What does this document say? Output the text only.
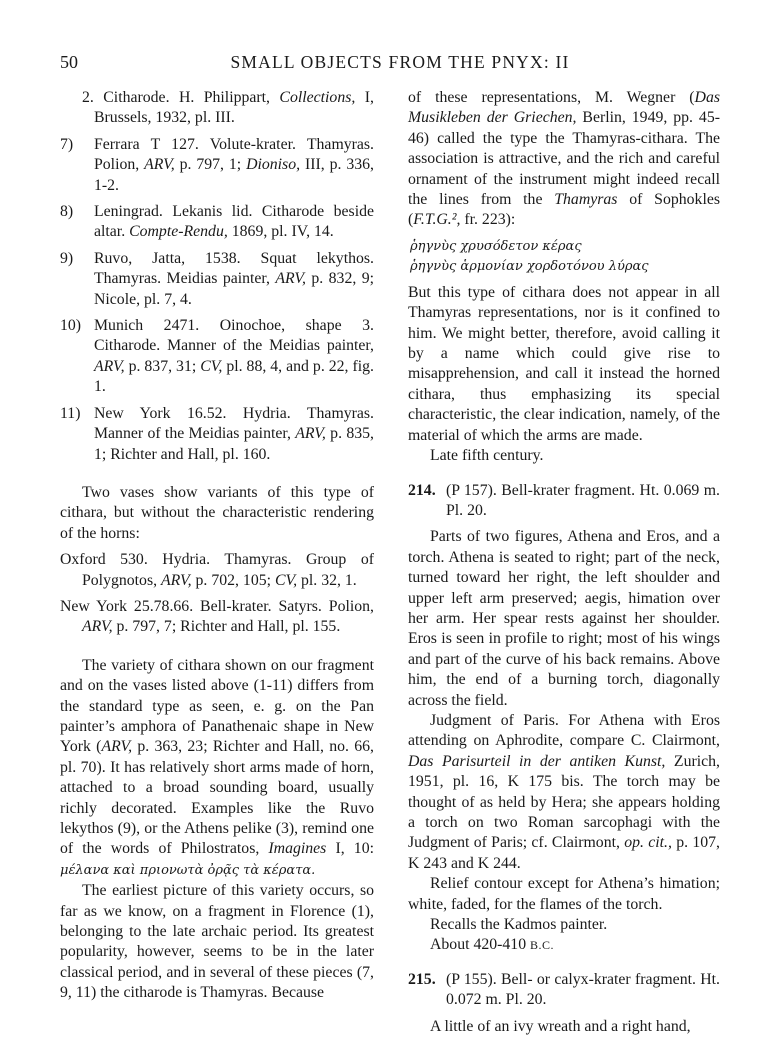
50	SMALL OBJECTS FROM THE PNYX: II

2. Citharode. H. Philippart, Collections, I, Brussels, 1932, pl. III.

7) Ferrara T 127. Volute-krater. Thamyras. Polion, ARV, p. 797, 1; Dioniso, III, p. 336, 1-2.

8) Leningrad. Lekanis lid. Citharode beside altar. Compte-Rendu, 1869, pl. IV, 14.

9) Ruvo, Jatta, 1538. Squat lekythos. Thamyras. Meidias painter, ARV, p. 832, 9; Nicole, pl. 7, 4.

10) Munich 2471. Oinochoe, shape 3. Citharode. Manner of the Meidias painter, ARV, p. 837, 31; CV, pl. 88, 4, and p. 22, fig. 1.

11) New York 16.52. Hydria. Thamyras. Manner of the Meidias painter, ARV, p. 835, 1; Richter and Hall, pl. 160.

Two vases show variants of this type of cithara, but without the characteristic rendering of the horns:

Oxford 530. Hydria. Thamyras. Group of Polygnotos, ARV, p. 702, 105; CV, pl. 32, 1.

New York 25.78.66. Bell-krater. Satyrs. Polion, ARV, p. 797, 7; Richter and Hall, pl. 155.

The variety of cithara shown on our fragment and on the vases listed above (1-11) differs from the standard type as seen, e. g. on the Pan painter’s amphora of Panathenaic shape in New York (ARV, p. 363, 23; Richter and Hall, no. 66, pl. 70). It has relatively short arms made of horn, attached to a broad sounding board, usually richly decorated. Examples like the Ruvo lekythos (9), or the Athens pelike (3), remind one of the words of Philostratos, Imagines I, 10: μέλανα καὶ πριονωτὰ ὀρᾷς τὰ κέρατα.

The earliest picture of this variety occurs, so far as we know, on a fragment in Florence (1), belonging to the late archaic period. Its greatest popularity, however, seems to be in the later classical period, and in several of these pieces (7, 9, 11) the citharode is Thamyras. Because

of these representations, M. Wegner (Das Musikleben der Griechen, Berlin, 1949, pp. 45-46) called the type the Thamyras-cithara. The association is attractive, and the rich and careful ornament of the instrument might indeed recall the lines from the Thamyras of Sophokles (F.T.G.², fr. 223):

ῥηγνὺς χρυσόδετον κέρας

ῥηγνὺς ἁρμονίαν χορδοτόνου λύρας

But this type of cithara does not appear in all Thamyras representations, nor is it confined to him. We might better, therefore, avoid calling it by a name which could give rise to misapprehension, and call it instead the horned cithara, thus emphasizing its special characteristic, the clear indication, namely, of the material of which the arms are made.

Late fifth century.

214. (P 157). Bell-krater fragment. Ht. 0.069 m. Pl. 20.

Parts of two figures, Athena and Eros, and a torch. Athena is seated to right; part of the neck, turned toward her right, the left shoulder and upper left arm preserved; aegis, himation over her arm. Her spear rests against her shoulder. Eros is seen in profile to right; most of his wings and part of the curve of his back remains. Above him, the end of a burning torch, diagonally across the field.

Judgment of Paris. For Athena with Eros attending on Aphrodite, compare C. Clairmont, Das Parisurteil in der antiken Kunst, Zurich, 1951, pl. 16, K 175 bis. The torch may be thought of as held by Hera; she appears holding a torch on two Roman sarcophagi with the Judgment of Paris; cf. Clairmont, op. cit., p. 107, K 243 and K 244.

Relief contour except for Athena’s himation; white, faded, for the flames of the torch.

Recalls the Kadmos painter.

About 420-410 B.C.

215. (P 155). Bell- or calyx-krater fragment. Ht. 0.072 m. Pl. 20.

A little of an ivy wreath and a right hand,
